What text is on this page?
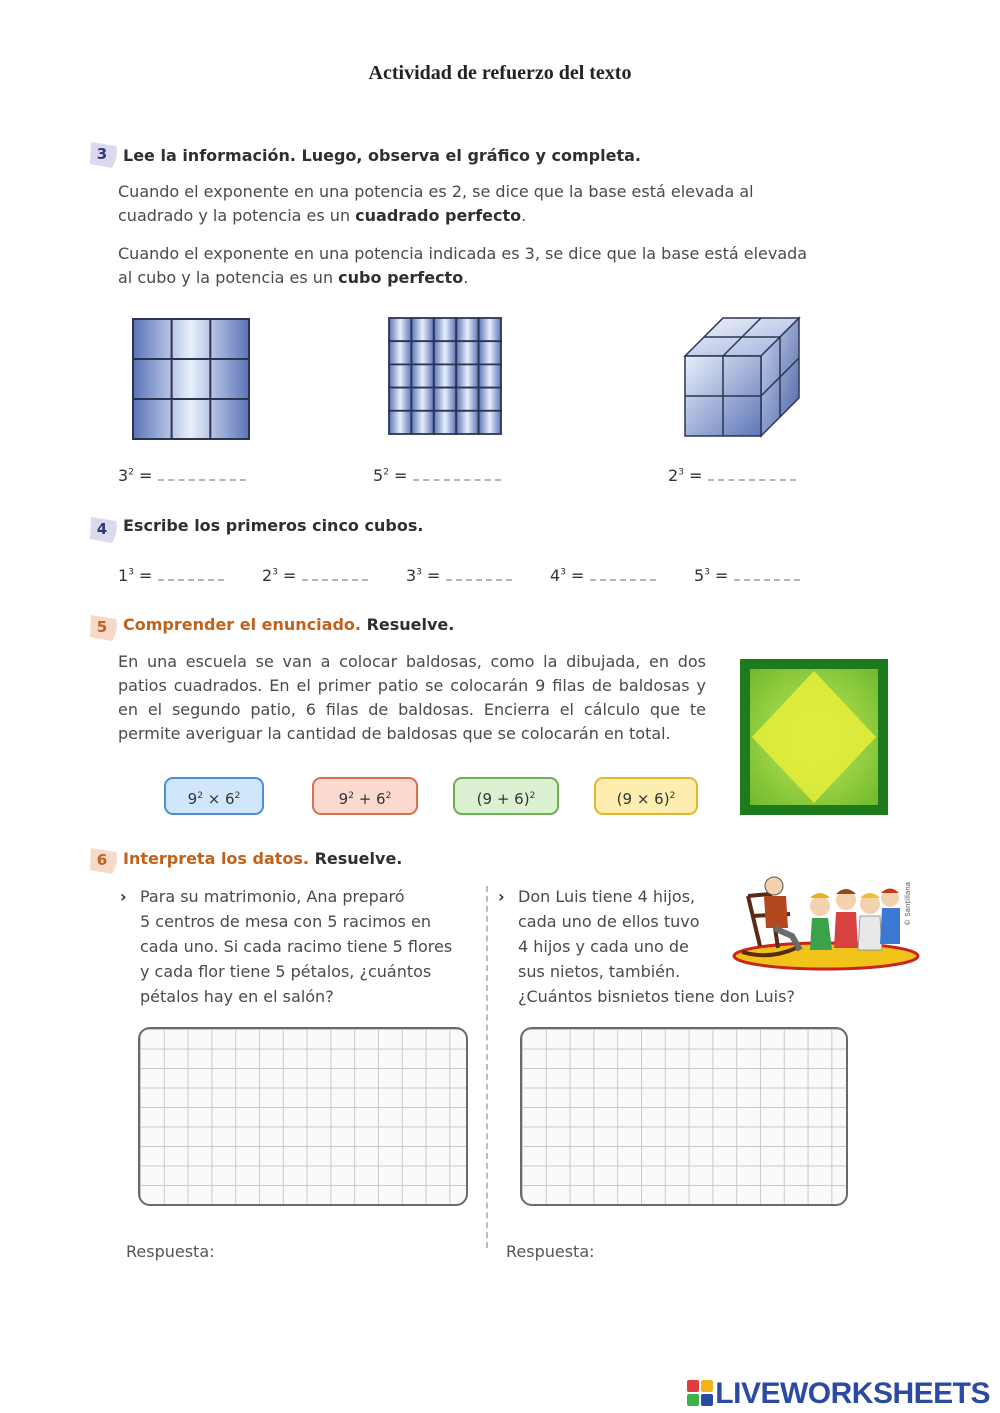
Actividad de refuerzo del texto
3 Lee la información. Luego, observa el gráfico y completa.
Cuando el exponente en una potencia es 2, se dice que la base está elevada al cuadrado y la potencia es un cuadrado perfecto.
Cuando el exponente en una potencia indicada es 3, se dice que la base está elevada al cubo y la potencia es un cubo perfecto.
$3^2$ =	$5^2$ =	$2^3$ =
4 Escribe los primeros cinco cubos.
$1^3$ =	$2^3$ =	$3^3$ =	$4^3$ =	$5^3$ =
5 Comprender el enunciado. Resuelve.
En una escuela se van a colocar baldosas, como la dibujada, en dos patios cuadrados. En el primer patio se colocarán 9 filas de baldosas y en el segundo patio, 6 filas de baldosas. Encierra el cálculo que te permite averiguar la cantidad de baldosas que se colocarán en total.
$9^2 \times 6^2$	$9^2 + 6^2$	$(9 + 6)^2$	$(9 \times 6)^2$
6 Interpreta los datos. Resuelve.
› Para su matrimonio, Ana preparó
5 centros de mesa con 5 racimos en
cada uno. Si cada racimo tiene 5 flores
y cada flor tiene 5 pétalos, ¿cuántos
pétalos hay en el salón?
› Don Luis tiene 4 hijos,
cada uno de ellos tuvo
4 hijos y cada uno de
sus nietos, también.
¿Cuántos bisnietos tiene don Luis?
© Santillana
Respuesta:	Respuesta:
LIVEWORKSHEETS
